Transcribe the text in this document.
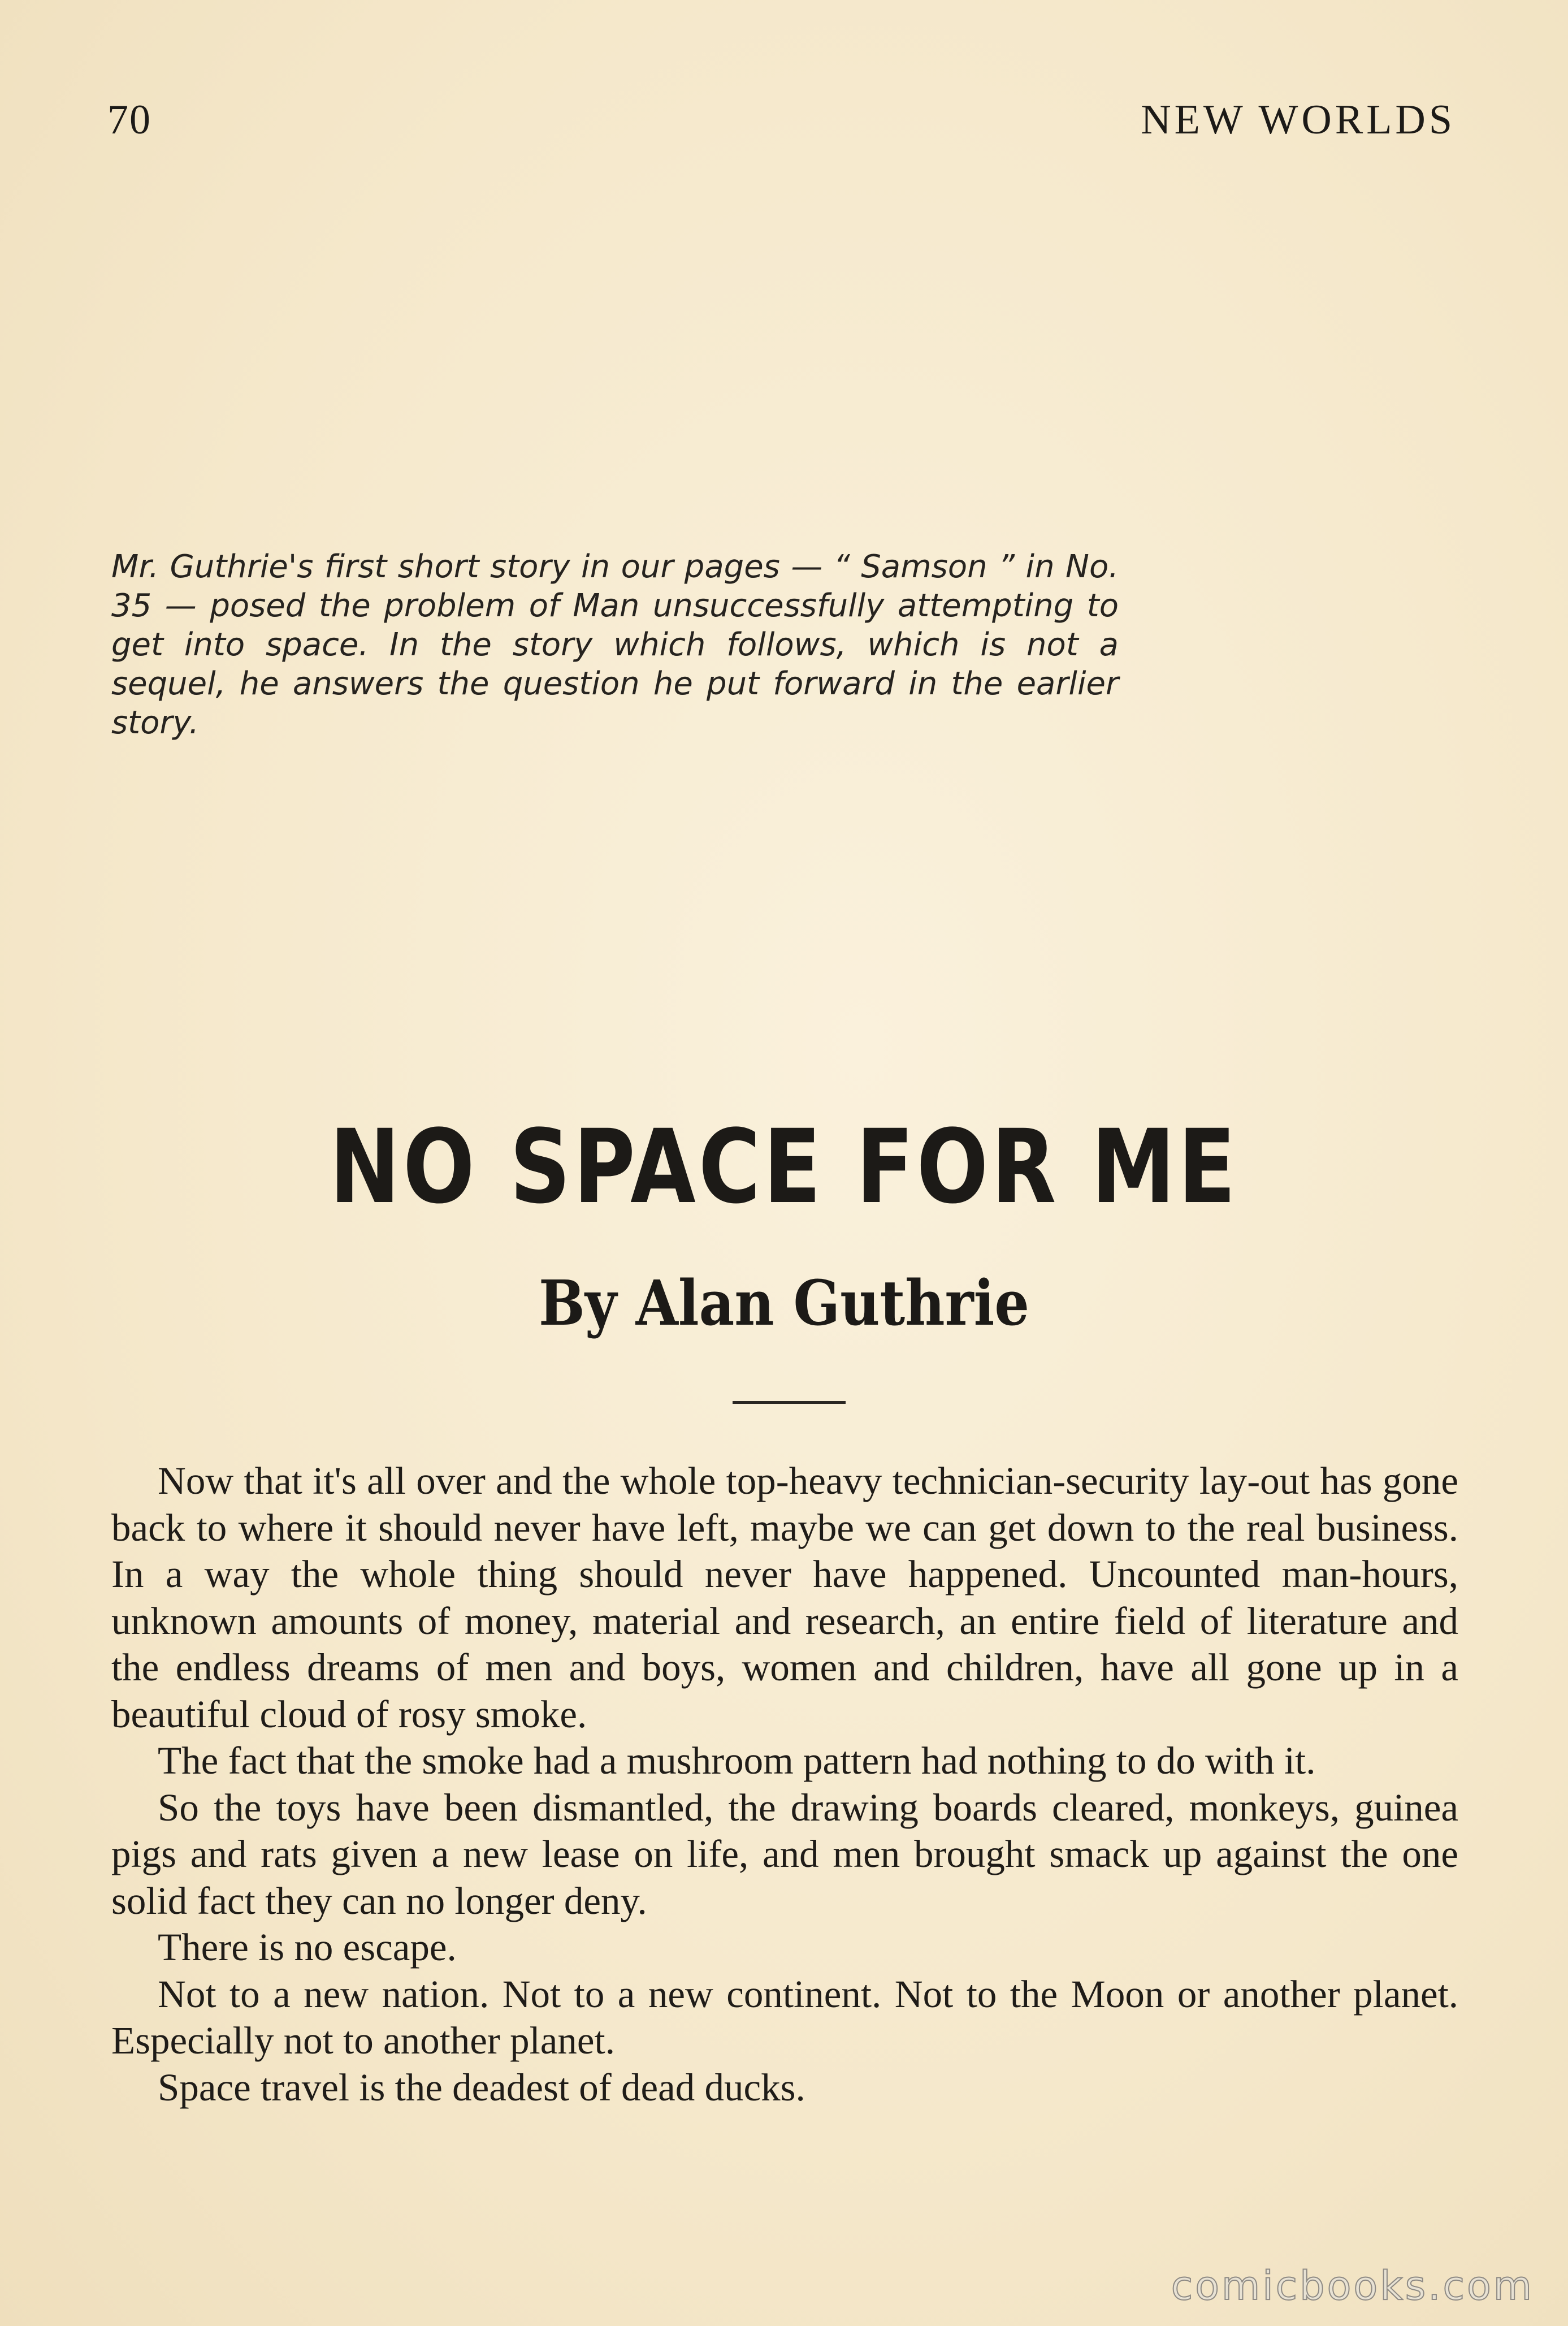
70	NEW WORLDS

Mr. Guthrie's first short story in our pages — “ Samson ” in No. 35 — posed the problem of Man unsuccessfully attempting to get into space. In the story which follows, which is not a sequel, he answers the question he put forward in the earlier story.

NO SPACE FOR ME
By Alan Guthrie

Now that it's all over and the whole top-heavy technician-security lay-out has gone back to where it should never have left, maybe we can get down to the real business. In a way the whole thing should never have happened. Uncounted man-hours, unknown amounts of money, material and research, an entire field of literature and the endless dreams of men and boys, women and children, have all gone up in a beautiful cloud of rosy smoke.

The fact that the smoke had a mushroom pattern had nothing to do with it.

So the toys have been dismantled, the drawing boards cleared, monkeys, guinea pigs and rats given a new lease on life, and men brought smack up against the one solid fact they can no longer deny.

There is no escape.

Not to a new nation. Not to a new continent. Not to the Moon or another planet. Especially not to another planet.

Space travel is the deadest of dead ducks.

comicbooks.com
